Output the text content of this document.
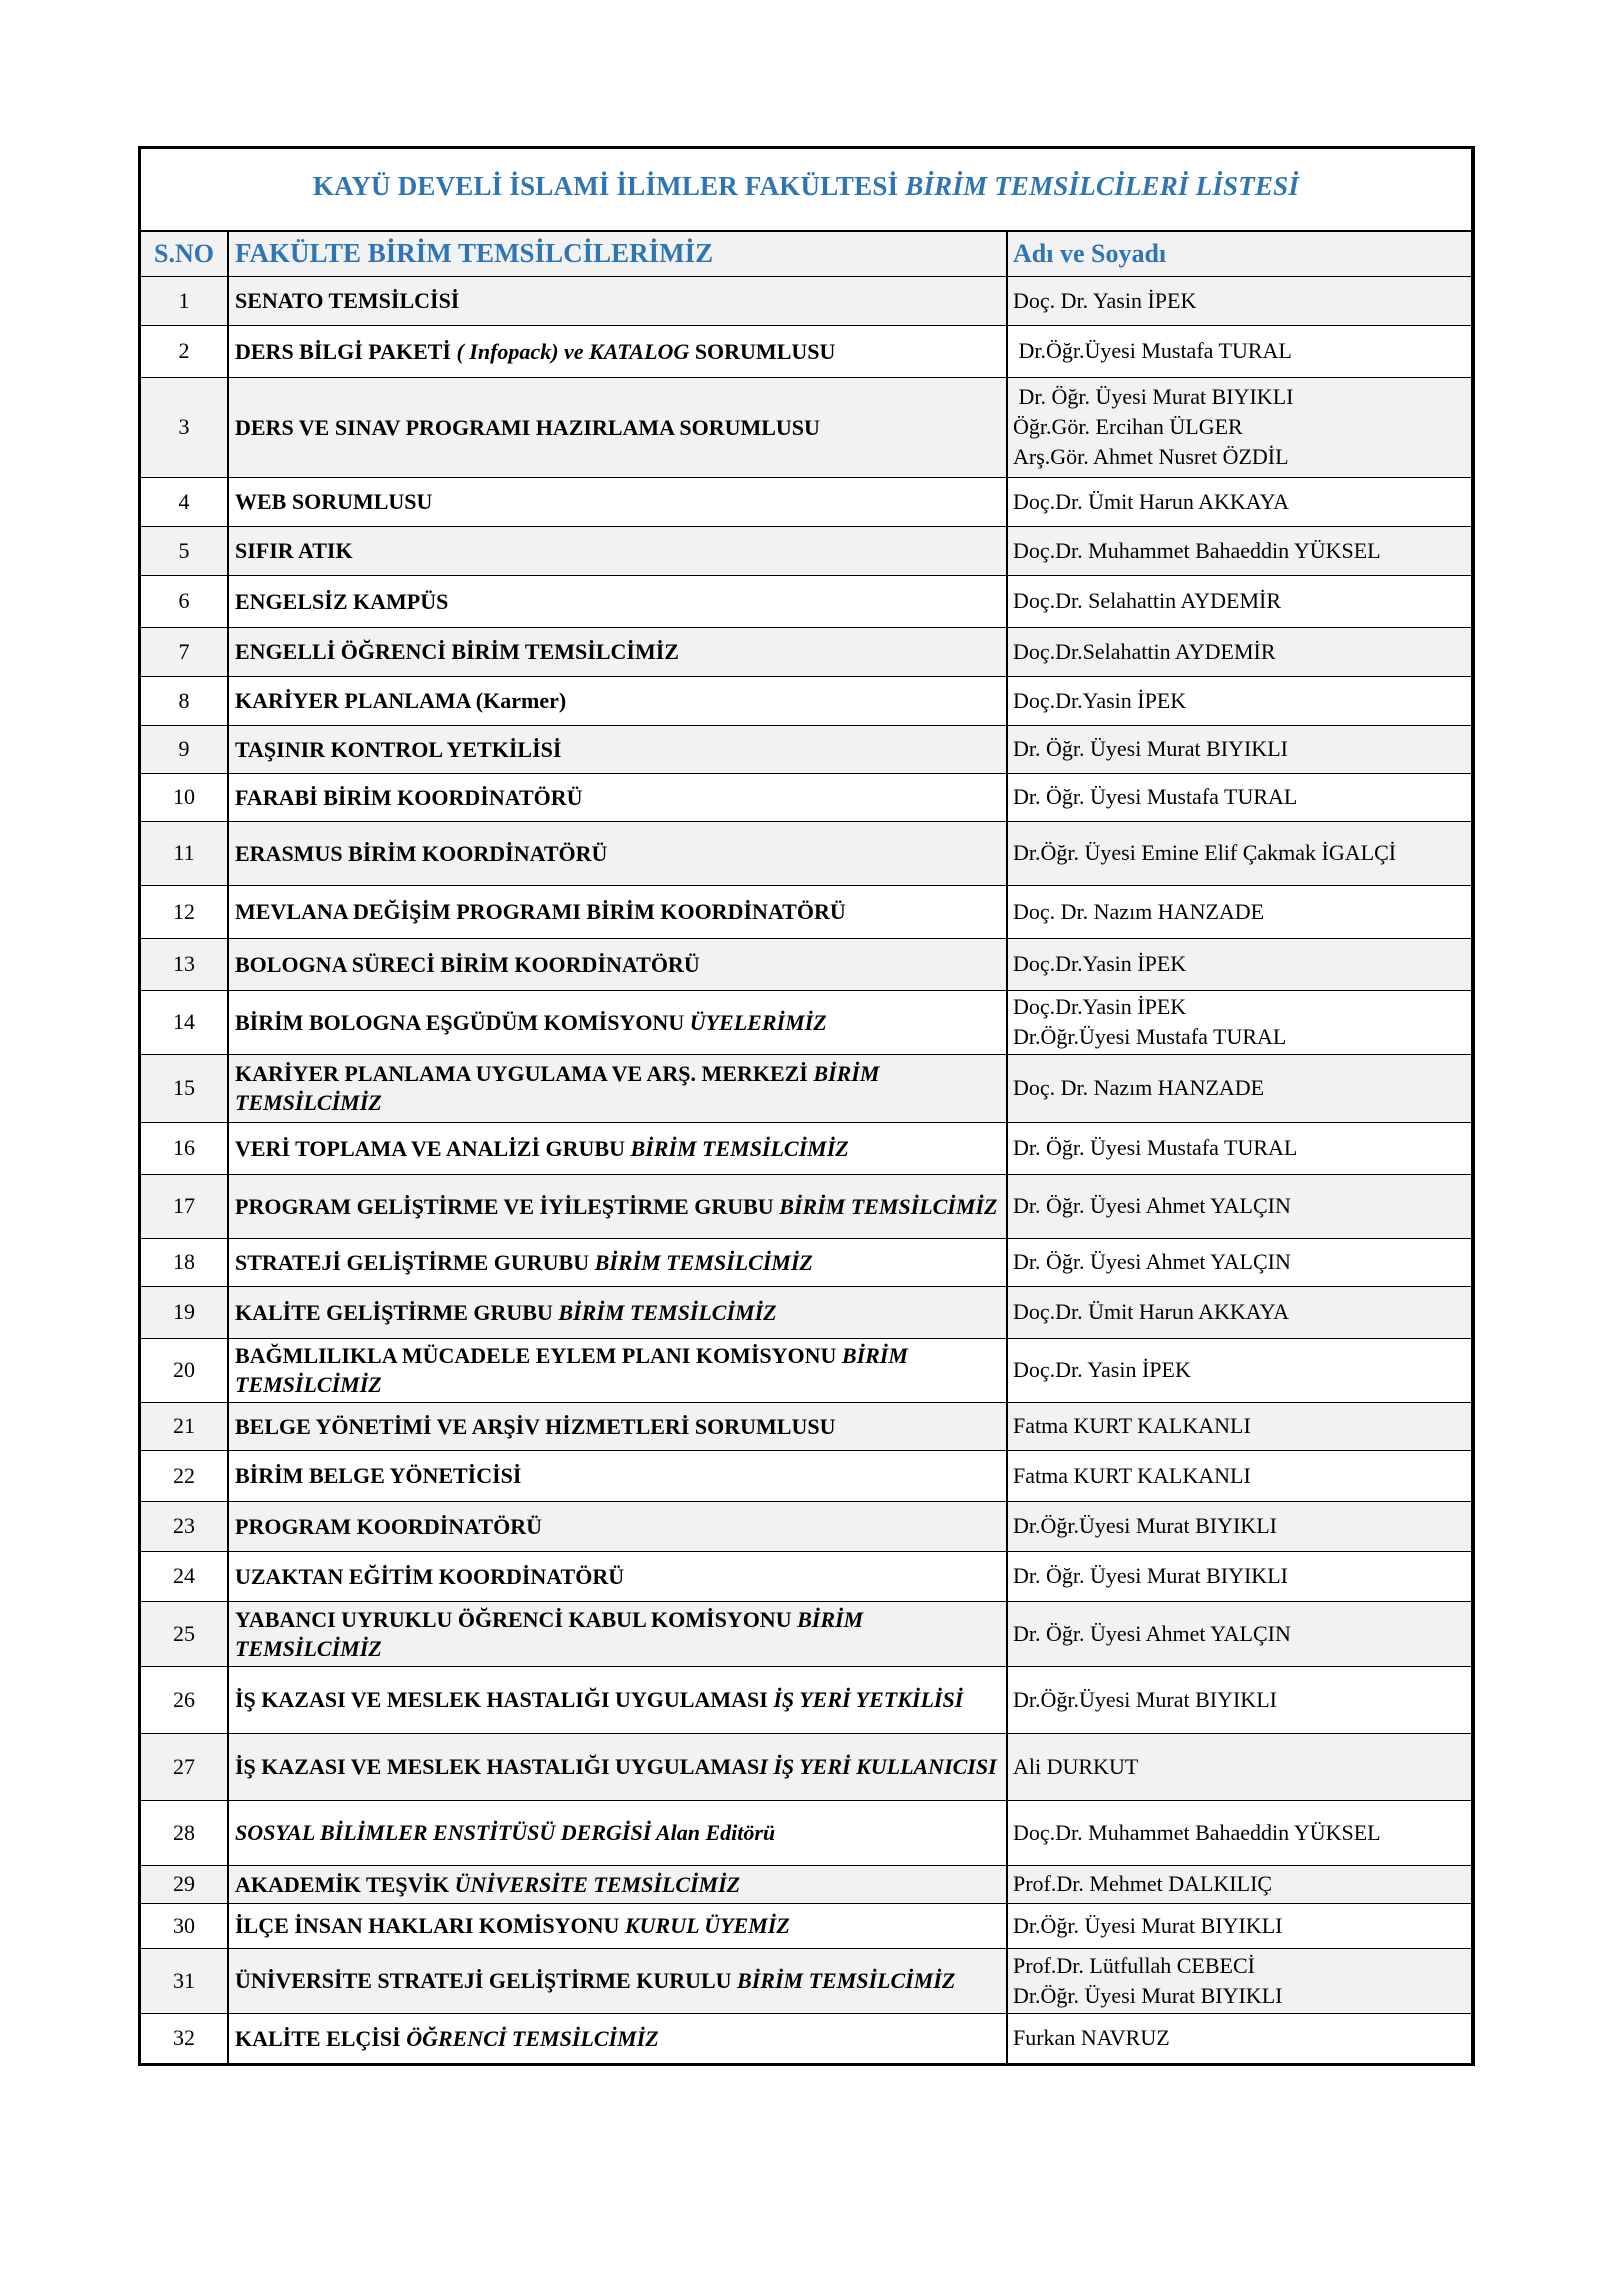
KAYÜ DEVELİ İSLAMİ İLİMLER FAKÜLTESİ BİRİM TEMSİLCİLERİ LİSTESİ
S.NO	FAKÜLTE BİRİM TEMSİLCİLERİMİZ	Adı ve Soyadı
1	SENATO TEMSİLCİSİ	Doç. Dr. Yasin İPEK

2	DERS BİLGİ PAKETİ ( Infopack) ve KATALOG SORUMLUSU	Dr.Öğr.Üyesi Mustafa TURAL

3	DERS VE SINAV PROGRAMI HAZIRLAMA SORUMLUSU	Dr. Öğr. Üyesi Murat BIYIKLI
Öğr.Gör. Ercihan ÜLGER
Arş.Gör. Ahmet Nusret ÖZDİL

4	WEB SORUMLUSU	Doç.Dr. Ümit Harun AKKAYA

5	SIFIR ATIK	Doç.Dr. Muhammet Bahaeddin YÜKSEL

6	ENGELSİZ KAMPÜS	Doç.Dr. Selahattin AYDEMİR

7	ENGELLİ ÖĞRENCİ BİRİM TEMSİLCİMİZ	Doç.Dr.Selahattin AYDEMİR

8	KARİYER PLANLAMA (Karmer)	Doç.Dr.Yasin İPEK

9	TAŞINIR KONTROL YETKİLİSİ	Dr. Öğr. Üyesi Murat BIYIKLI

10	FARABİ BİRİM KOORDİNATÖRÜ	Dr. Öğr. Üyesi Mustafa TURAL

11	ERASMUS BİRİM KOORDİNATÖRÜ	Dr.Öğr. Üyesi Emine Elif Çakmak İGALÇİ

12	MEVLANA DEĞİŞİM PROGRAMI BİRİM KOORDİNATÖRÜ	Doç. Dr. Nazım HANZADE

13	BOLOGNA SÜRECİ BİRİM KOORDİNATÖRÜ	Doç.Dr.Yasin İPEK

14	BİRİM BOLOGNA EŞGÜDÜM KOMİSYONU ÜYELERİMİZ	Doç.Dr.Yasin İPEK
Dr.Öğr.Üyesi Mustafa TURAL

15	KARİYER PLANLAMA UYGULAMA VE ARŞ. MERKEZİ BİRİM TEMSİLCİMİZ	Doç. Dr. Nazım HANZADE

16	VERİ TOPLAMA VE ANALİZİ GRUBU BİRİM TEMSİLCİMİZ	Dr. Öğr. Üyesi Mustafa TURAL

17	PROGRAM GELİŞTİRME VE İYİLEŞTİRME GRUBU BİRİM TEMSİLCİMİZ	Dr. Öğr. Üyesi Ahmet YALÇIN

18	STRATEJİ GELİŞTİRME GURUBU BİRİM TEMSİLCİMİZ	Dr. Öğr. Üyesi Ahmet YALÇIN

19	KALİTE GELİŞTİRME GRUBU BİRİM TEMSİLCİMİZ	Doç.Dr. Ümit Harun AKKAYA

20	BAĞMLILIKLA MÜCADELE EYLEM PLANI KOMİSYONU BİRİM TEMSİLCİMİZ	Doç.Dr. Yasin İPEK

21	BELGE YÖNETİMİ VE ARŞİV HİZMETLERİ SORUMLUSU	Fatma KURT KALKANLI

22	BİRİM BELGE YÖNETİCİSİ	Fatma KURT KALKANLI

23	PROGRAM KOORDİNATÖRÜ	Dr.Öğr.Üyesi Murat BIYIKLI

24	UZAKTAN EĞİTİM KOORDİNATÖRÜ	Dr. Öğr. Üyesi Murat BIYIKLI

25	YABANCI UYRUKLU ÖĞRENCİ KABUL KOMİSYONU BİRİM TEMSİLCİMİZ	Dr. Öğr. Üyesi Ahmet YALÇIN

26	İŞ KAZASI VE MESLEK HASTALIĞI UYGULAMASI İŞ YERİ YETKİLİSİ	Dr.Öğr.Üyesi Murat BIYIKLI

27	İŞ KAZASI VE MESLEK HASTALIĞI UYGULAMASI İŞ YERİ KULLANICISI	Ali DURKUT

28	SOSYAL BİLİMLER ENSTİTÜSÜ DERGİSİ Alan Editörü	Doç.Dr. Muhammet Bahaeddin YÜKSEL

29	AKADEMİK TEŞVİK ÜNİVERSİTE TEMSİLCİMİZ	Prof.Dr. Mehmet DALKILIÇ

30	İLÇE İNSAN HAKLARI KOMİSYONU KURUL ÜYEMİZ	Dr.Öğr. Üyesi Murat BIYIKLI

31	ÜNİVERSİTE STRATEJİ GELİŞTİRME KURULU BİRİM TEMSİLCİMİZ	Prof.Dr. Lütfullah CEBECİ
Dr.Öğr. Üyesi Murat BIYIKLI

32	KALİTE ELÇİSİ ÖĞRENCİ TEMSİLCİMİZ	Furkan NAVRUZ
